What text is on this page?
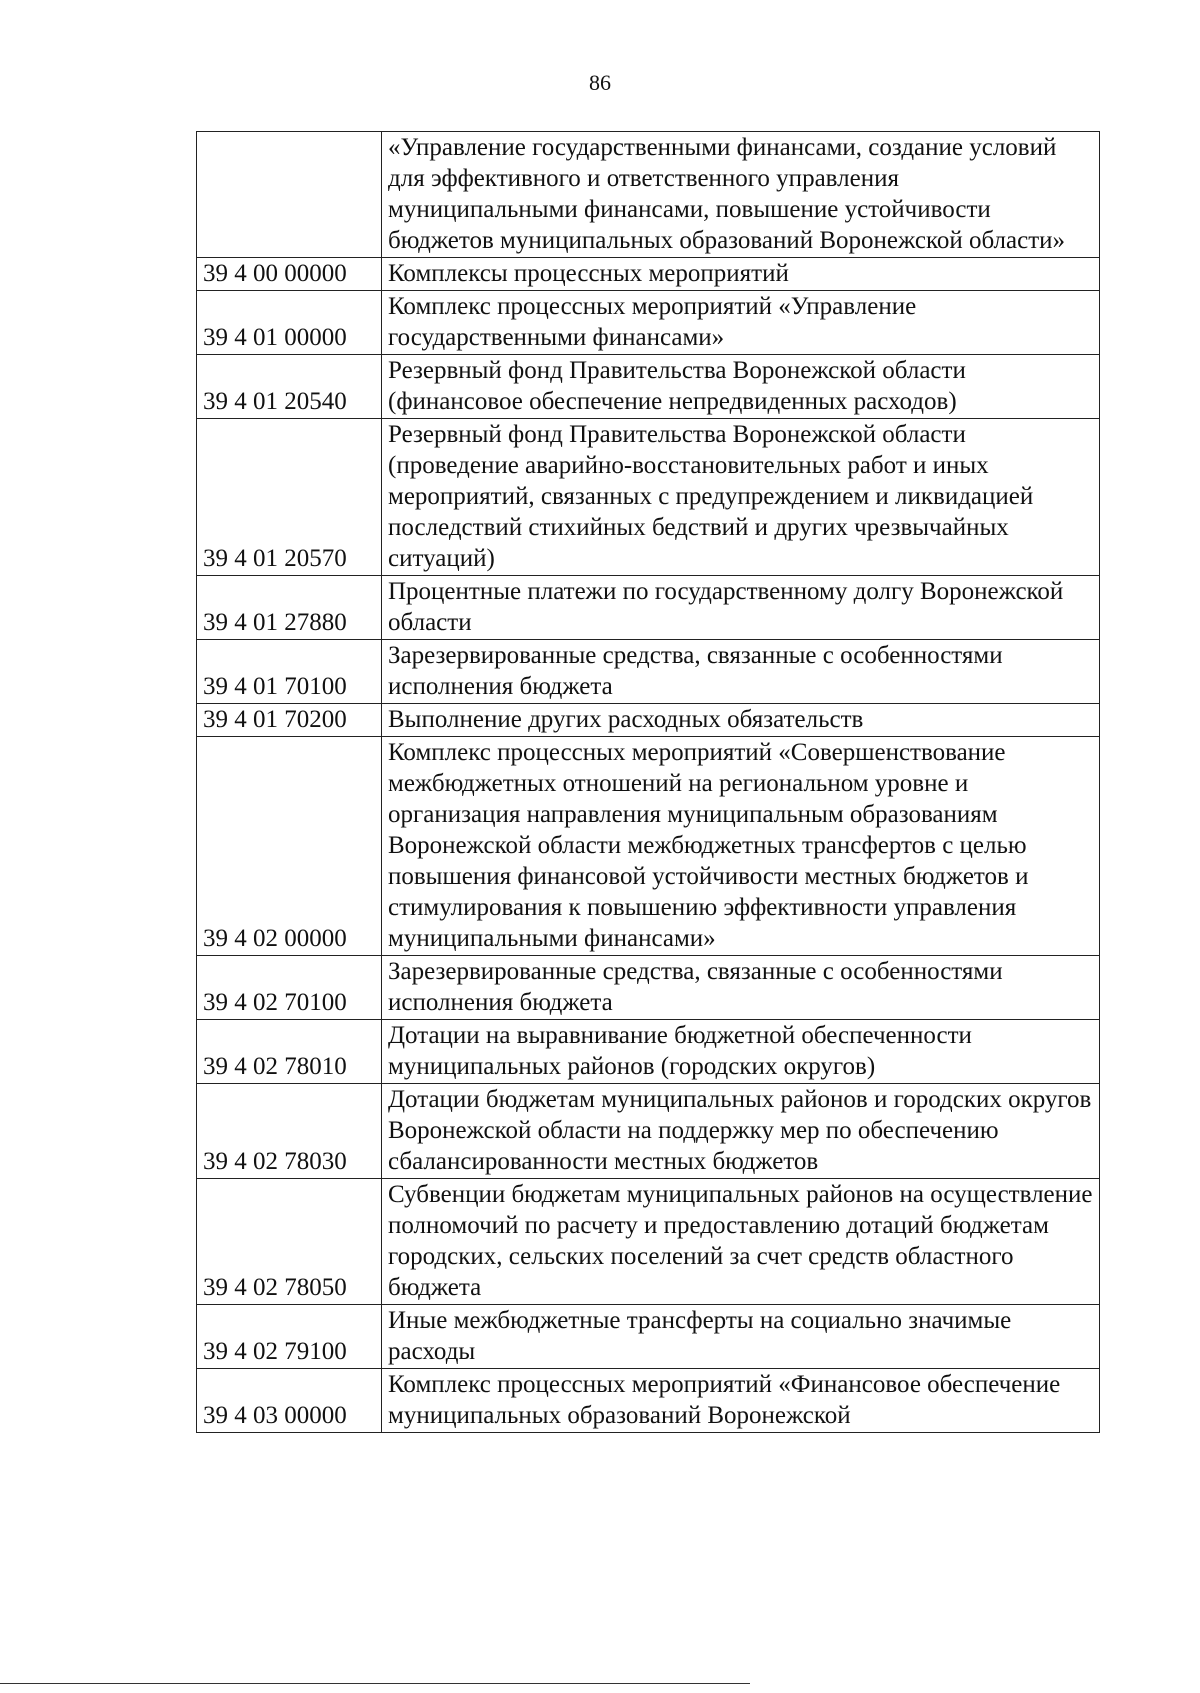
86
	«Управление государственными финансами, создание условий для эффективного и ответственного управления муниципальными финансами, повышение устойчивости бюджетов муниципальных образований Воронежской области»
39 4 00 00000	Комплексы процессных мероприятий
39 4 01 00000	Комплекс процессных мероприятий «Управление государственными финансами»
39 4 01 20540	Резервный фонд Правительства Воронежской области (финансовое обеспечение непредвиденных расходов)
39 4 01 20570	Резервный фонд Правительства Воронежской области (проведение аварийно-восстановительных работ и иных мероприятий, связанных с предупреждением и ликвидацией последствий стихийных бедствий и других чрезвычайных ситуаций)
39 4 01 27880	Процентные платежи по государственному долгу Воронежской области
39 4 01 70100	Зарезервированные средства, связанные с особенностями исполнения бюджета
39 4 01 70200	Выполнение других расходных обязательств
39 4 02 00000	Комплекс процессных мероприятий «Совершенствование межбюджетных отношений на региональном уровне и организация направления муниципальным образованиям Воронежской области межбюджетных трансфертов с целью повышения финансовой устойчивости местных бюджетов и стимулирования к повышению эффективности управления муниципальными финансами»
39 4 02 70100	Зарезервированные средства, связанные с особенностями исполнения бюджета
39 4 02 78010	Дотации на выравнивание бюджетной обеспеченности муниципальных районов (городских округов)
39 4 02 78030	Дотации бюджетам муниципальных районов и городских округов Воронежской области на поддержку мер по обеспечению сбалансированности местных бюджетов
39 4 02 78050	Субвенции бюджетам муниципальных районов на осуществление полномочий по расчету и предоставлению дотаций бюджетам городских, сельских поселений за счет средств областного бюджета
39 4 02 79100	Иные межбюджетные трансферты на социально значимые расходы
39 4 03 00000	Комплекс процессных мероприятий «Финансовое обеспечение муниципальных образований Воронежской
